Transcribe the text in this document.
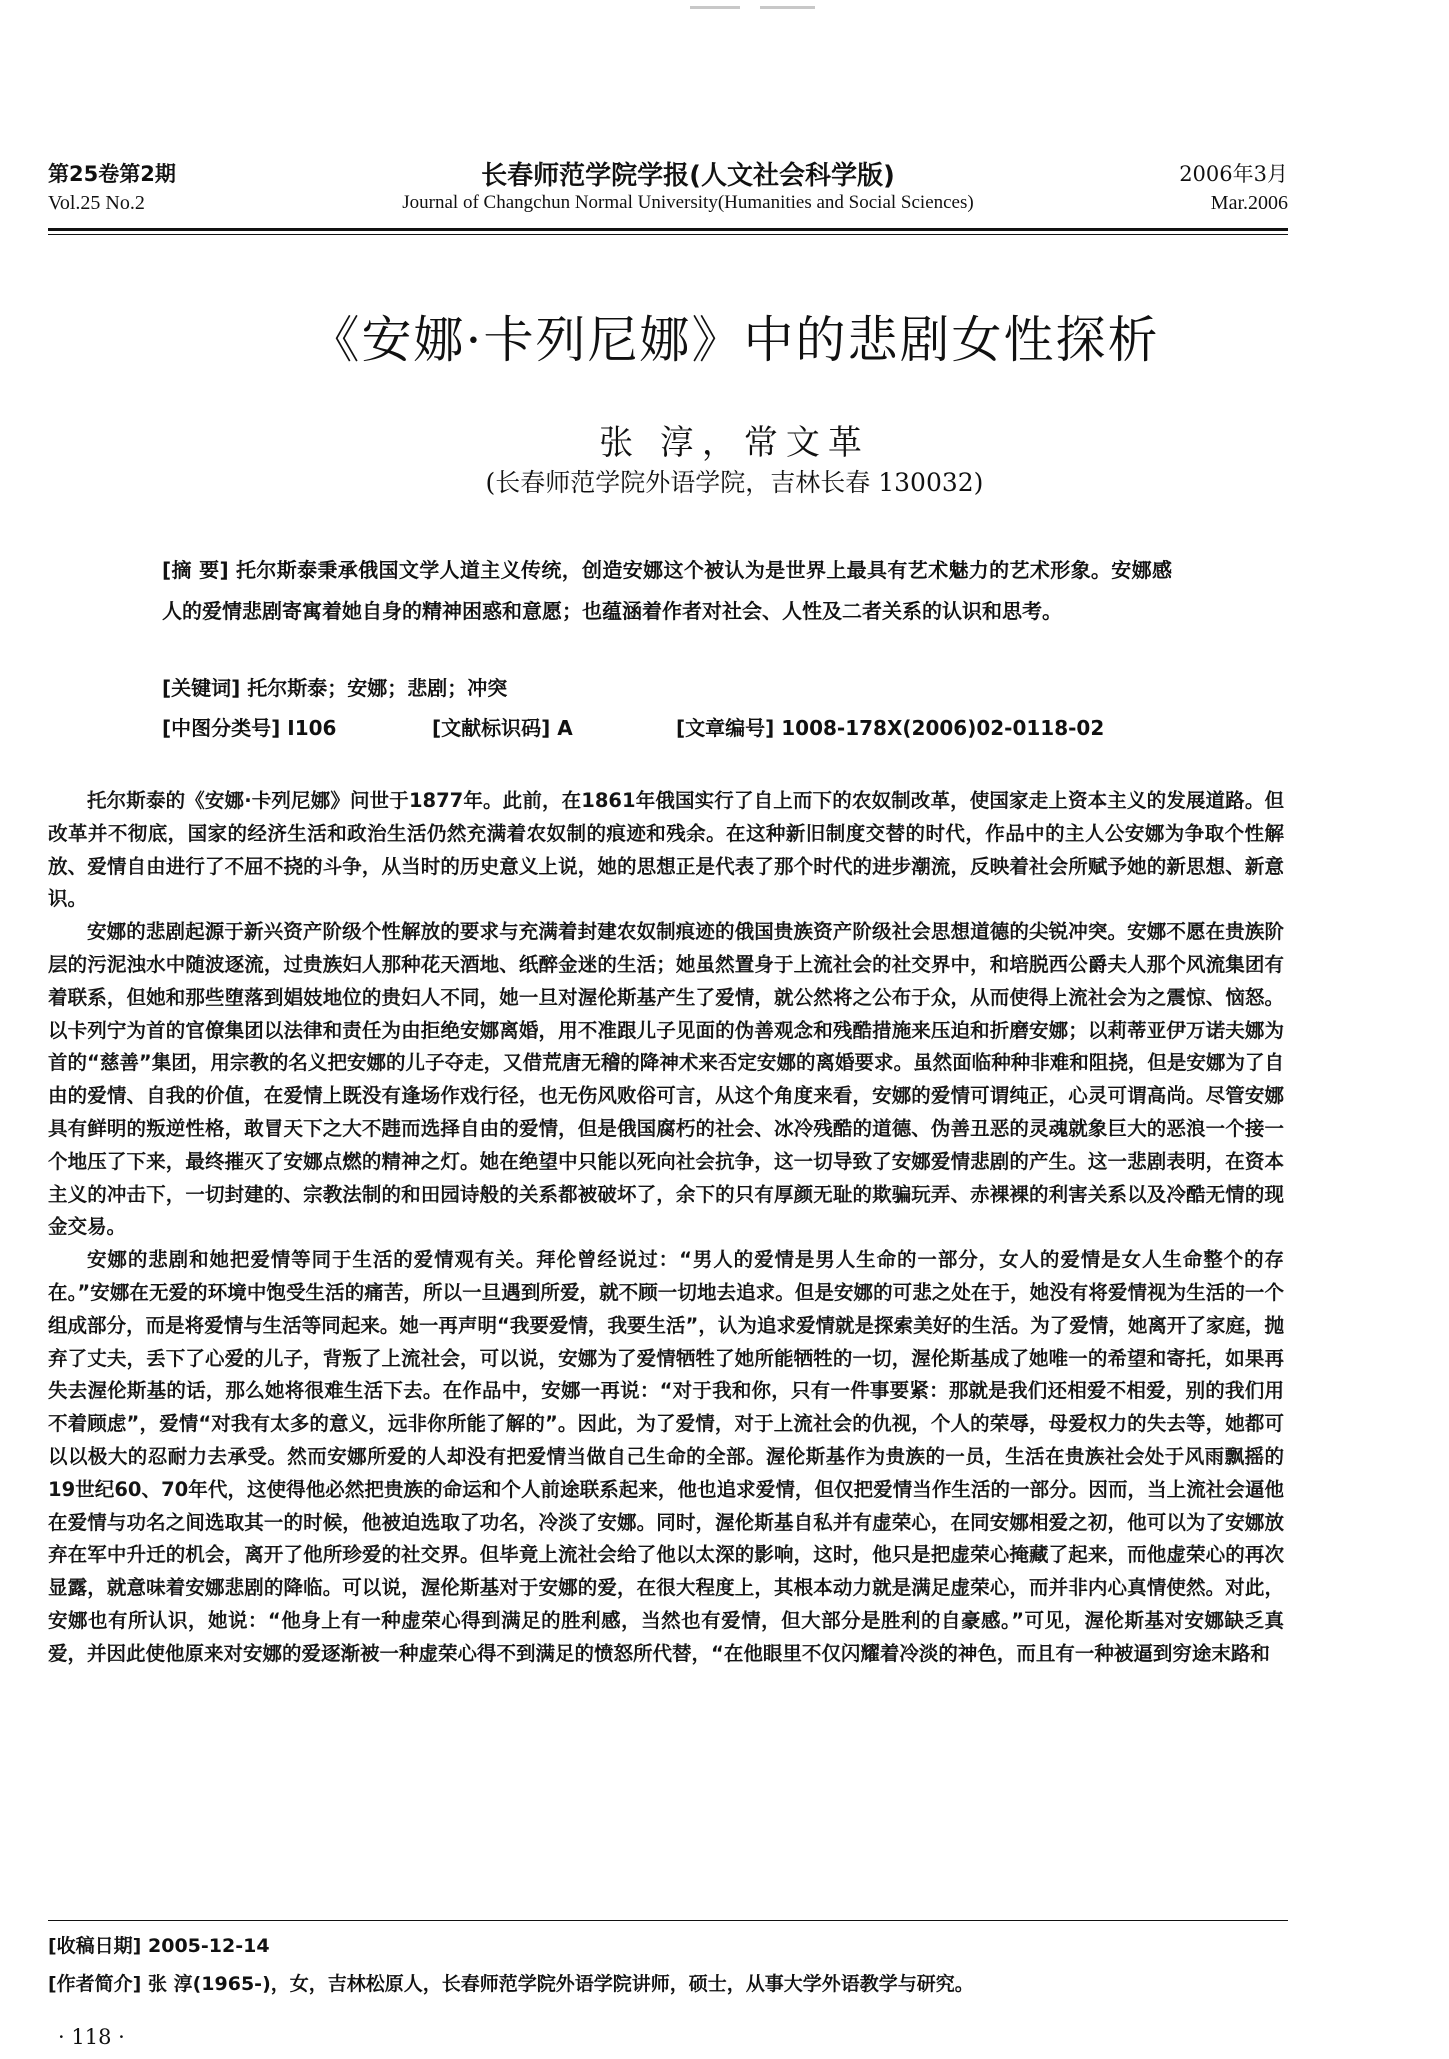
第25卷第2期
Vol.25 No.2
长春师范学院学报(人文社会科学版)
Journal of Changchun Normal University(Humanities and Social Sciences)
2006年3月
Mar.2006
《安娜·卡列尼娜》中的悲剧女性探析
张 淳，常文革
(长春师范学院外语学院，吉林长春 130032)
[摘 要] 托尔斯泰秉承俄国文学人道主义传统，创造安娜这个被认为是世界上最具有艺术魅力的艺术形象。安娜感人的爱情悲剧寄寓着她自身的精神困惑和意愿；也蕴涵着作者对社会、人性及二者关系的认识和思考。
[关键词] 托尔斯泰；安娜；悲剧；冲突
[中图分类号] I106	[文献标识码] A	[文章编号] 1008-178X(2006)02-0118-02

托尔斯泰的《安娜·卡列尼娜》问世于1877年。此前，在1861年俄国实行了自上而下的农奴制改革，使国家走上资本主义的发展道路。但改革并不彻底，国家的经济生活和政治生活仍然充满着农奴制的痕迹和残余。在这种新旧制度交替的时代，作品中的主人公安娜为争取个性解放、爱情自由进行了不屈不挠的斗争，从当时的历史意义上说，她的思想正是代表了那个时代的进步潮流，反映着社会所赋予她的新思想、新意识。

安娜的悲剧起源于新兴资产阶级个性解放的要求与充满着封建农奴制痕迹的俄国贵族资产阶级社会思想道德的尖锐冲突。安娜不愿在贵族阶层的污泥浊水中随波逐流，过贵族妇人那种花天酒地、纸醉金迷的生活；她虽然置身于上流社会的社交界中，和培脱西公爵夫人那个风流集团有着联系，但她和那些堕落到娼妓地位的贵妇人不同，她一旦对渥伦斯基产生了爱情，就公然将之公布于众，从而使得上流社会为之震惊、恼怒。以卡列宁为首的官僚集团以法律和责任为由拒绝安娜离婚，用不准跟儿子见面的伪善观念和残酷措施来压迫和折磨安娜；以莉蒂亚伊万诺夫娜为首的“慈善”集团，用宗教的名义把安娜的儿子夺走，又借荒唐无稽的降神术来否定安娜的离婚要求。虽然面临种种非难和阻挠，但是安娜为了自由的爱情、自我的价值，在爱情上既没有逢场作戏行径，也无伤风败俗可言，从这个角度来看，安娜的爱情可谓纯正，心灵可谓高尚。尽管安娜具有鲜明的叛逆性格，敢冒天下之大不韪而选择自由的爱情，但是俄国腐朽的社会、冰冷残酷的道德、伪善丑恶的灵魂就象巨大的恶浪一个接一个地压了下来，最终摧灭了安娜点燃的精神之灯。她在绝望中只能以死向社会抗争，这一切导致了安娜爱情悲剧的产生。这一悲剧表明，在资本主义的冲击下，一切封建的、宗教法制的和田园诗般的关系都被破坏了，余下的只有厚颜无耻的欺骗玩弄、赤裸裸的利害关系以及冷酷无情的现金交易。

安娜的悲剧和她把爱情等同于生活的爱情观有关。拜伦曾经说过：“男人的爱情是男人生命的一部分，女人的爱情是女人生命整个的存在。”安娜在无爱的环境中饱受生活的痛苦，所以一旦遇到所爱，就不顾一切地去追求。但是安娜的可悲之处在于，她没有将爱情视为生活的一个组成部分，而是将爱情与生活等同起来。她一再声明“我要爱情，我要生活”，认为追求爱情就是探索美好的生活。为了爱情，她离开了家庭，抛弃了丈夫，丢下了心爱的儿子，背叛了上流社会，可以说，安娜为了爱情牺牲了她所能牺牲的一切，渥伦斯基成了她唯一的希望和寄托，如果再失去渥伦斯基的话，那么她将很难生活下去。在作品中，安娜一再说：“对于我和你，只有一件事要紧：那就是我们还相爱不相爱，别的我们用不着顾虑”，爱情“对我有太多的意义，远非你所能了解的”。因此，为了爱情，对于上流社会的仇视，个人的荣辱，母爱权力的失去等，她都可以以极大的忍耐力去承受。然而安娜所爱的人却没有把爱情当做自己生命的全部。渥伦斯基作为贵族的一员，生活在贵族社会处于风雨飘摇的19世纪60、70年代，这使得他必然把贵族的命运和个人前途联系起来，他也追求爱情，但仅把爱情当作生活的一部分。因而，当上流社会逼他在爱情与功名之间选取其一的时候，他被迫选取了功名，冷淡了安娜。同时，渥伦斯基自私并有虚荣心，在同安娜相爱之初，他可以为了安娜放弃在军中升迁的机会，离开了他所珍爱的社交界。但毕竟上流社会给了他以太深的影响，这时，他只是把虚荣心掩藏了起来，而他虚荣心的再次显露，就意味着安娜悲剧的降临。可以说，渥伦斯基对于安娜的爱，在很大程度上，其根本动力就是满足虚荣心，而并非内心真情使然。对此，安娜也有所认识，她说：“他身上有一种虚荣心得到满足的胜利感，当然也有爱情，但大部分是胜利的自豪感。”可见，渥伦斯基对安娜缺乏真爱，并因此使他原来对安娜的爱逐渐被一种虚荣心得不到满足的愤怒所代替，“在他眼里不仅闪耀着冷淡的神色，而且有一种被逼到穷途末路和

[收稿日期] 2005-12-14
[作者简介] 张 淳(1965-)，女，吉林松原人，长春师范学院外语学院讲师，硕士，从事大学外语教学与研究。
· 118 ·
